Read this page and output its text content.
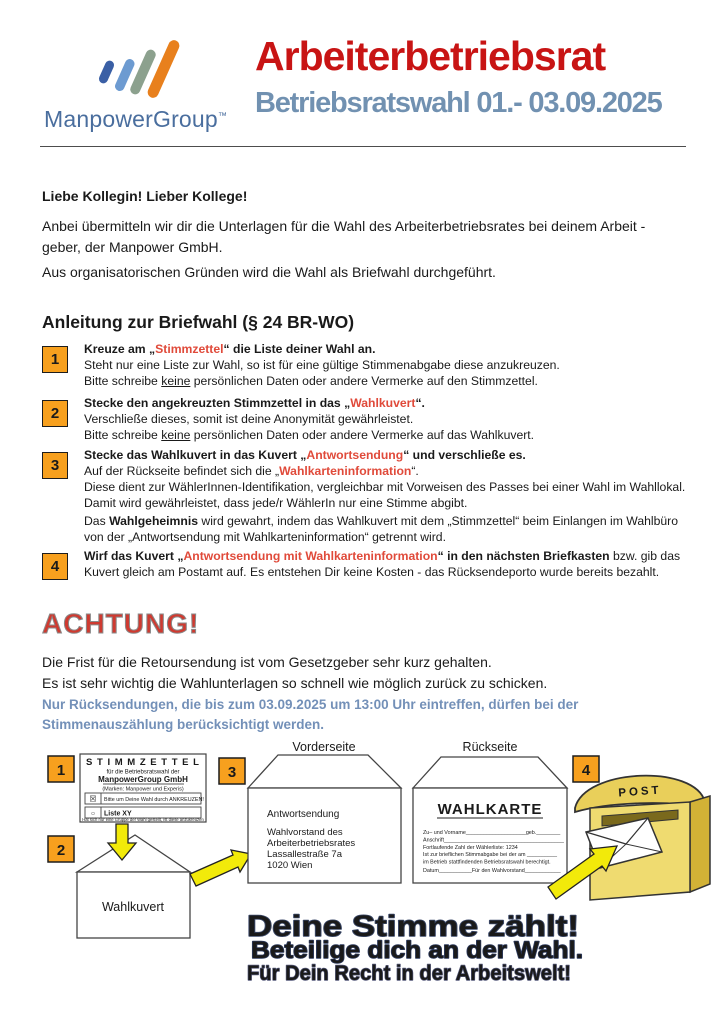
ManpowerGroup™
Arbeiterbetriebsrat
Betriebsratswahl 01.- 03.09.2025
Liebe Kollegin! Lieber Kollege!
Anbei übermitteln wir dir die Unterlagen für die Wahl des Arbeiterbetriebsrates bei deinem Arbeit -
geber, der Manpower GmbH.
Aus organisatorischen Gründen wird die Wahl als Briefwahl durchgeführt.
Anleitung zur Briefwahl (§ 24 BR-WO)
1
Kreuze am „Stimmzettel“ die Liste deiner Wahl an.
Steht nur eine Liste zur Wahl, so ist für eine gültige Stimmenabgabe diese anzukreuzen.
Bitte schreibe keine persönlichen Daten oder andere Vermerke auf den Stimmzettel.
2
Stecke den angekreuzten Stimmzettel in das „Wahlkuvert“.
Verschließe dieses, somit ist deine Anonymität gewährleistet.
Bitte schreibe keine persönlichen Daten oder andere Vermerke auf das Wahlkuvert.
3
Stecke das Wahlkuvert in das Kuvert „Antwortsendung“ und verschließe es.
Auf der Rückseite befindet sich die „Wahlkarteninformation“.
Diese dient zur WählerInnen-Identifikation, vergleichbar mit Vorweisen des Passes bei einer Wahl im Wahllokal.
Damit wird gewährleistet, dass jede/r WählerIn nur eine Stimme abgibt.
Das Wahlgeheimnis wird gewahrt, indem das Wahlkuvert mit dem „Stimmzettel“ beim Einlangen im Wahlbüro
von der „Antwortsendung mit Wahlkarteninformation“ getrennt wird.
4
Wirf das Kuvert „Antwortsendung mit Wahlkarteninformation“ in den nächsten Briefkasten bzw. gib das
Kuvert gleich am Postamt auf. Es entstehen Dir keine Kosten - das Rücksendeporto wurde bereits bezahlt.
ACHTUNG!
Die Frist für die Retoursendung ist vom Gesetzgeber sehr kurz gehalten.
Es ist sehr wichtig die Wahlunterlagen so schnell wie möglich zurück zu schicken.
Nur Rücksendungen, die bis zum 03.09.2025 um 13:00 Uhr eintreffen, dürfen bei der
Stimmenauszählung berücksichtigt werden.
Vorderseite	Rückseite
1
2
3	4
S T I M M Z E T T E L
für die Betriebsratswahl der
ManpowerGroup GmbH
(Marken: Manpower und Experis)
☒ Bitte um Deine Wahl durch ANKREUZEN!
○ Liste XY
Hat sich nur eine Gruppe der Wahl gestellt, ist diese anzukreuzen
Wahlkuvert
Antwortsendung
Wahlvorstand des
Arbeiterbetriebsrates
Lassallestraße 7a
1020 Wien
WAHLKARTE
Zu– und Vorname____________________geb.________
Anschrift________________________________________
Fortlaufende Zahl der Wählerliste: 1234
Ist zur brieflichen Stimmabgabe bei der am __________
im Betrieb stattfindenden Betriebsratswahl berechtigt.
Datum___________Für den Wahlvorstand____________
POST
Deine Stimme zählt!
Beteilige dich an der Wahl.
Für Dein Recht in der Arbeitswelt!
